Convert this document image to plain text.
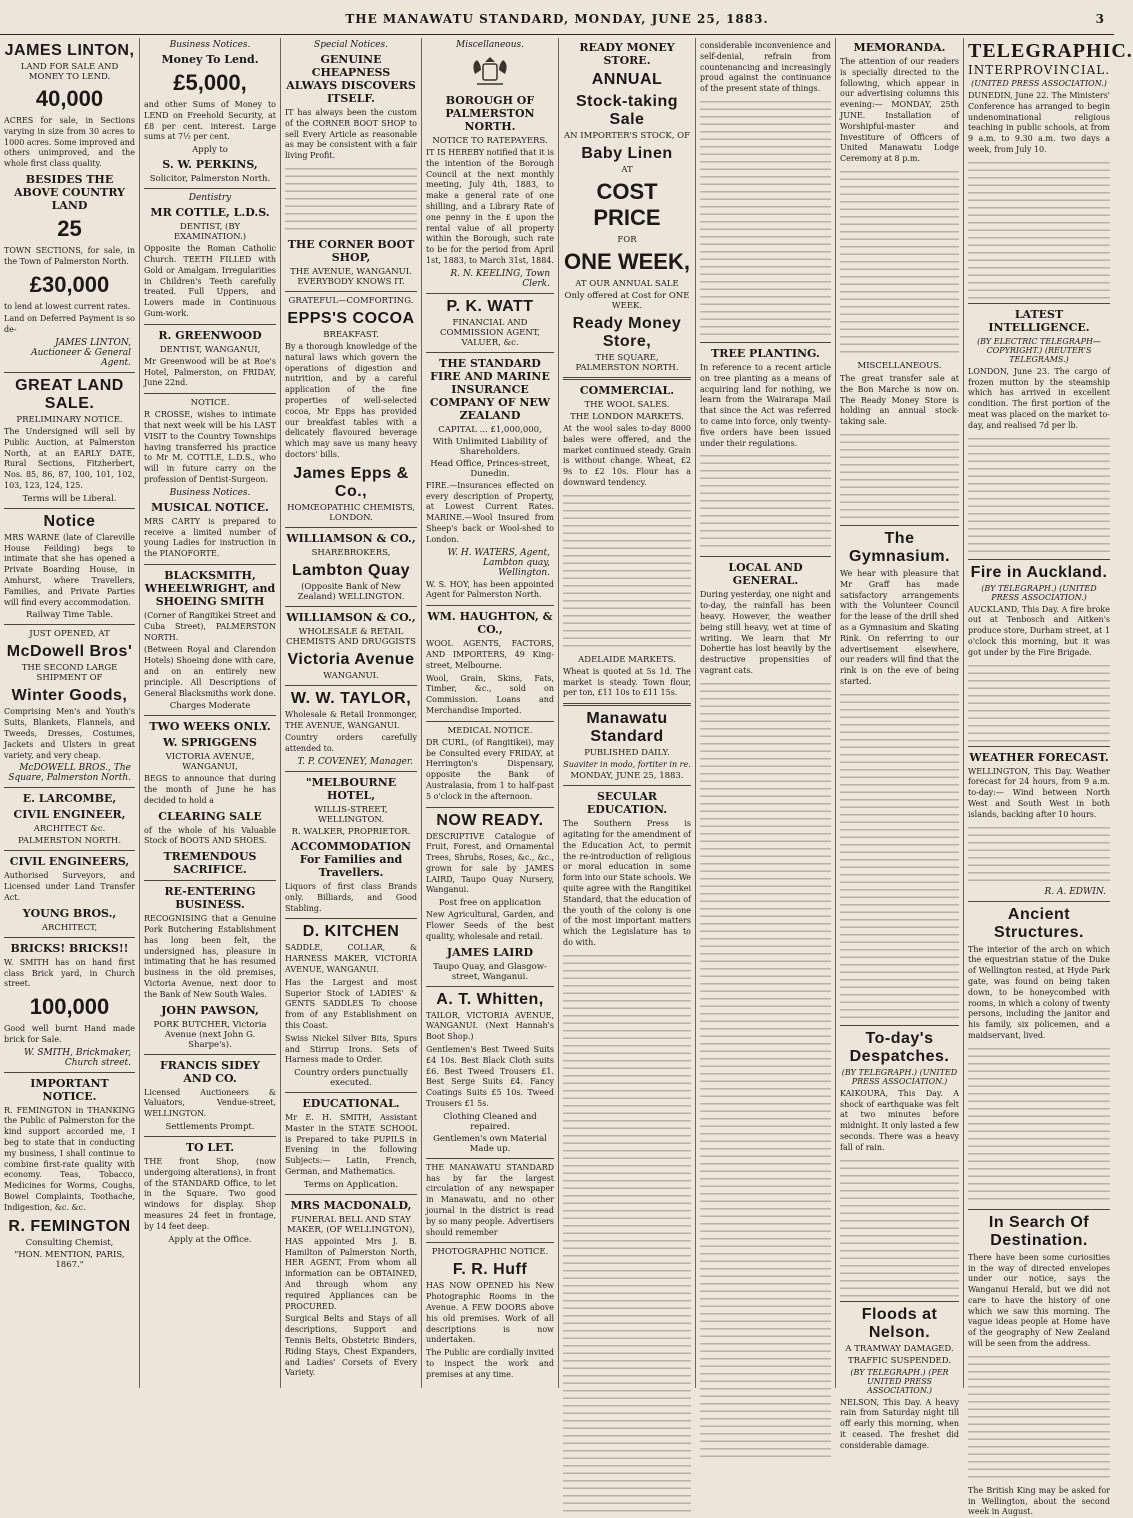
THE MANAWATU STANDARD, MONDAY, JUNE 25, 1883.	3
JAMES LINTON,
LAND FOR SALE AND MONEY TO LEND.
40,000
ACRES for sale, in Sections varying in size from 30 acres to 1000 acres. Some improved and others unimproved, and the whole first class quality.
BESIDES THE ABOVE COUNTRY LAND
25
TOWN SECTIONS, for sale, in the Town of Palmerston North.
£30,000
to lend at lowest current rates.
Land on Deferred Payment is so de-
JAMES LINTON, Auctioneer & General Agent.
GREAT LAND SALE.
PRELIMINARY NOTICE.
The Undersigned will sell by Public Auction, at Palmerston North, at an EARLY DATE, Rural Sections, Fitzherbert, Nos. 85, 86, 87, 100, 101, 102, 103, 123, 124, 125.
Terms will be Liberal.
Notice
MRS WARNE (late of Clareville House Feilding) begs to intimate that she has opened a Private Boarding House, in Amhurst, where Travellers, Families, and Private Parties will find every accommodation.
Railway Time Table.
JUST OPENED, AT
McDowell Bros'
THE SECOND LARGE SHIPMENT OF
Winter Goods,
Comprising Men's and Youth's Suits, Blankets, Flannels, and Tweeds, Dresses, Costumes, Jackets and Ulsters in great variety, and very cheap.
McDOWELL BROS., The Square, Palmerston North.
E. LARCOMBE,
CIVIL ENGINEER,
ARCHITECT &c.
PALMERSTON NORTH.
CIVIL ENGINEERS,
Authorised Surveyors, and Licensed under Land Transfer Act.
YOUNG BROS.,
ARCHITECT,
BRICKS! BRICKS!!
W. SMITH has on hand first class Brick yard, in Church street.
100,000
Good well burnt Hand made brick for Sale.
W. SMITH, Brickmaker, Church street.
IMPORTANT NOTICE.
R. FEMINGTON in THANKING the Public of Palmerston for the kind support accorded me, I beg to state that in conducting my business, I shall continue to combine first-rate quality with economy. Teas, Tobacco, Medicines for Worms, Coughs, Bowel Complaints, Toothache, Indigestion, &c. &c.
R. FEMINGTON
Consulting Chemist,
"HON. MENTION, PARIS, 1867."
Business Notices.
Money To Lend.
£5,000,
and other Sums of Money to LEND on Freehold Security, at £8 per cent. interest. Large sums at 7½ per cent.
Apply to
S. W. PERKINS,
Solicitor, Palmerston North.
Dentistry
MR COTTLE, L.D.S.
DENTIST, (BY EXAMINATION.)
Opposite the Roman Catholic Church. TEETH FILLED with Gold or Amalgam. Irregularities in Children's Teeth carefully treated. Full Uppers, and Lowers made in Continuous Gum-work.
R. GREENWOOD
DENTIST, WANGANUI,
Mr Greenwood will be at Roe's Hotel, Palmerston, on FRIDAY, June 22nd.
NOTICE.
R CROSSE, wishes to intimate that next week will be his LAST VISIT to the Country Townships having transferred his practice to Mr M. COTTLE, L.D.S., who will in future carry on the profession of Dentist-Surgeon.
Business Notices.
MUSICAL NOTICE.
MRS CARTY is prepared to receive a limited number of young Ladies for instruction in the PIANOFORTE.
BLACKSMITH, WHEELWRIGHT, and SHOEING SMITH
(Corner of Rangitikei Street and Cuba Street), PALMERSTON NORTH.
(Between Royal and Clarendon Hotels) Shoeing done with care, and on an entirely new principle. All Descriptions of General Blacksmiths work done.
Charges Moderate
TWO WEEKS ONLY.
W. SPRIGGENS
VICTORIA AVENUE, WANGANUI,
BEGS to announce that during the month of June he has decided to hold a
CLEARING SALE
of the whole of his Valuable Stock of BOOTS AND SHOES.
TREMENDOUS SACRIFICE.
RE-ENTERING BUSINESS.
RECOGNISING that a Genuine Pork Butchering Establishment has long been felt, the undersigned has, pleasure in intimating that he has resumed business in the old premises, Victoria Avenue, next door to the Bank of New South Wales.
JOHN PAWSON,
PORK BUTCHER, Victoria Avenue (next John G. Sharpe's).
FRANCIS SIDEY AND CO.
Licensed Auctioneers & Valuators, Vendue-street, WELLINGTON.
Settlements Prompt.
TO LET.
THE front Shop, (now undergoing alterations), in front of the STANDARD Office, to let in the Square. Two good windows for display. Shop measures 24 feet in frontage, by 14 feet deep.
Apply at the Office.
Special Notices.
GENUINE CHEAPNESS ALWAYS DISCOVERS ITSELF.
IT has always been the custom of the CORNER BOOT SHOP to sell Every Article as reasonable as may be consistent with a fair living Profit.
THE CORNER BOOT SHOP,
THE AVENUE, WANGANUI. EVERYBODY KNOWS IT.
GRATEFUL—COMFORTING.
EPPS'S COCOA
BREAKFAST.
By a thorough knowledge of the natural laws which govern the operations of digestion and nutrition, and by a careful application of the fine properties of well-selected cocoa, Mr Epps has provided our breakfast tables with a delicately flavoured beverage which may save us many heavy doctors' bills.
James Epps & Co.,
HOMŒOPATHIC CHEMISTS, LONDON.
WILLIAMSON & CO.,
SHAREBROKERS,
Lambton Quay
(Opposite Bank of New Zealand) WELLINGTON.
WILLIAMSON & CO.,
WHOLESALE & RETAIL CHEMISTS AND DRUGGISTS
Victoria Avenue
WANGANUI.
W. W. TAYLOR,
Wholesale & Retail Ironmonger, THE AVENUE, WANGANUI.
Country orders carefully attended to.
T. P. COVENEY, Manager.
"MELBOURNE HOTEL,
WILLIS-STREET, WELLINGTON.
R. WALKER, PROPRIETOR.
ACCOMMODATION For Families and Travellers.
Liquors of first class Brands only. Billiards, and Good Stabling.
D. KITCHEN
SADDLE, COLLAR, & HARNESS MAKER, VICTORIA AVENUE, WANGANUI.
Has the Largest and most Superior Stock of LADIES' & GENTS SADDLES To choose from of any Establishment on this Coast.
Swiss Nickel Silver Bits, Spurs and Stirrup Irons. Sets of Harness made to Order.
Country orders punctually executed.
EDUCATIONAL.
Mr E. H. SMITH, Assistant Master in the STATE SCHOOL is Prepared to take PUPILS in Evening in the following Subjects:— Latin, French, German, and Mathematics.
Terms on Application.
MRS MACDONALD,
FUNERAL BELL AND STAY MAKER, (OF WELLINGTON),
HAS appointed Mrs J. B. Hamilton of Palmerston North, HER AGENT, From whom all information can be OBTAINED, And through whom any required Appliances can be PROCURED.
Surgical Belts and Stays of all descriptions, Support and Tennis Belts, Obstetric Binders, Riding Stays, Chest Expanders, and Ladies' Corsets of Every Variety.
Miscellaneous.
BOROUGH OF PALMERSTON NORTH.
NOTICE TO RATEPAYERS.
IT IS HEREBY notified that it is the intention of the Borough Council at the next monthly meeting, July 4th, 1883, to make a general rate of one shilling, and a Library Rate of one penny in the £ upon the rental value of all property within the Borough, such rate to be for the period from April 1st, 1883, to March 31st, 1884.
R. N. KEELING, Town Clerk.
P. K. WATT
FINANCIAL AND COMMISSION AGENT, VALUER, &c.
THE STANDARD FIRE AND MARINE INSURANCE COMPANY OF NEW ZEALAND
CAPITAL ... £1,000,000,
With Unlimited Liability of Shareholders.
Head Office, Princes-street, Dunedin.
FIRE.—Insurances effected on every description of Property, at Lowest Current Rates. MARINE.—Wool Insured from Sheep's back or Wool-shed to London.
W. H. WATERS, Agent, Lambton quay, Wellington.
W. S. HOY, has been appointed Agent for Palmerston North.
WM. HAUGHTON, & CO.,
WOOL AGENTS, FACTORS, AND IMPORTERS, 49 King-street, Melbourne.
Wool, Grain, Skins, Fats, Timber, &c., sold on Commission. Loans and Merchandise Imported.
MEDICAL NOTICE.
DR CURL, (of Rangitikei), may be Consulted every FRIDAY, at Herrington's Dispensary, opposite the Bank of Australasia, from 1 to half-past 5 o'clock in the afternoon.
NOW READY.
DESCRIPTIVE Catalogue of Fruit, Forest, and Ornamental Trees, Shrubs, Roses, &c., &c., grown for sale by JAMES LAIRD, Taupo Quay Nursery, Wanganui.
Post free on application
New Agricultural, Garden, and Flower Seeds of the best quality, wholesale and retail.
JAMES LAIRD
Taupo Quay, and Glasgow-street, Wanganui.
A. T. Whitten,
TAILOR, VICTORIA AVENUE, WANGANUI. (Next Hannah's Boot Shop.)
Gentlemen's Best Tweed Suits £4 10s. Best Black Cloth suits £6. Best Tweed Trousers £1. Best Serge Suits £4. Fancy Coatings Suits £5 10s. Tweed Trousers £1 5s.
Clothing Cleaned and repaired.
Gentlemen's own Material Made up.
THE MANAWATU STANDARD has by far the largest circulation of any newspaper in Manawatu, and no other journal in the district is read by so many people. Advertisers should remember
PHOTOGRAPHIC NOTICE.
F. R. Huff
HAS NOW OPENED his New Photographic Rooms in the Avenue. A FEW DOORS above his old premises. Work of all descriptions is now undertaken.
The Public are cordially invited to inspect the work and premises at any time.
READY MONEY STORE.
ANNUAL
Stock-taking Sale
AN IMPORTER'S STOCK, OF
Baby Linen
AT
COST PRICE
FOR
ONE WEEK,
AT OUR ANNUAL SALE
Only offered at Cost for ONE WEEK.
Ready Money Store,
THE SQUARE, PALMERSTON NORTH.
COMMERCIAL.
THE WOOL SALES.
THE LONDON MARKETS.
At the wool sales to-day 8000 bales were offered, and the market continued steady. Grain is without change. Wheat, £2 9s to £2 10s. Flour has a downward tendency.
ADELAIDE MARKETS.
Wheat is quoted at 5s 1d. The market is steady. Town flour, per ton, £11 10s to £11 15s.
Manawatu Standard
PUBLISHED DAILY.
Suaviter in modo, fortiter in re.
MONDAY, JUNE 25, 1883.
SECULAR EDUCATION.
The Southern Press is agitating for the amendment of the Education Act, to permit the re-introduction of religious or moral education in some form into our State schools. We quite agree with the Rangitikei Standard, that the education of the youth of the colony is one of the most important matters which the Legislature has to do with.
considerable inconvenience and self-denial, refrain from countenancing and increasingly proud against the continuance of the present state of things.
TREE PLANTING.
In reference to a recent article on tree planting as a means of acquiring land for nothing, we learn from the Wairarapa Mail that since the Act was referred to came into force, only twenty-five orders have been issued under their regulations.
LOCAL AND GENERAL.
During yesterday, one night and to-day, the rainfall has been heavy. However, the weather being still heavy, wet at time of writing. We learn that Mr Dohertie has lost heavily by the destructive propensities of vagrant cats.
MEMORANDA.
The attention of our readers is specially directed to the following, which appear in our advertising columns this evening:— MONDAY, 25th JUNE. Installation of Worshipful-master and Investiture of Officers of United Manawatu Lodge Ceremony at 8 p.m.
MISCELLANEOUS.
The great transfer sale at the Bon Marche is now on. The Ready Money Store is holding an annual stock-taking sale.
The Gymnasium.
We hear with pleasure that Mr Graff has made satisfactory arrangements with the Volunteer Council for the lease of the drill shed as a Gymnasium and Skating Rink. On referring to our advertisement elsewhere, our readers will find that the rink is on the eve of being started.
To-day's Despatches.
(BY TELEGRAPH.) (UNITED PRESS ASSOCIATION.)
KAIKOURA, This Day. A shock of earthquake was felt at two minutes before midnight. It only lasted a few seconds. There was a heavy fall of rain.
Floods at Nelson.
A TRAMWAY DAMAGED.
TRAFFIC SUSPENDED.
(BY TELEGRAPH.) (PER UNITED PRESS ASSOCIATION.)
NELSON, This Day. A heavy rain from Saturday night till off early this morning, when it ceased. The freshet did considerable damage.
TELEGRAPHIC.
INTERPROVINCIAL.
(UNITED PRESS ASSOCIATION.)
DUNEDIN, June 22. The Ministers' Conference has arranged to begin undenominational religious teaching in public schools, at from 9 a.m. to 9.30 a.m. two days a week, from July 10.
LATEST INTELLIGENCE.
(BY ELECTRIC TELEGRAPH—COPYRIGHT.) (REUTER'S TELEGRAMS.)
LONDON, June 23. The cargo of frozen mutton by the steamship which has arrived in excellent condition. The first portion of the meat was placed on the market to-day, and realised 7d per lb.
Fire in Auckland.
(BY TELEGRAPH.) (UNITED PRESS ASSOCIATION.)
AUCKLAND, This Day. A fire broke out at Tenbosch and Aitken's produce store, Durham street, at 1 o'clock this morning, but it was got under by the Fire Brigade.
WEATHER FORECAST.
WELLINGTON, This Day. Weather forecast for 24 hours, from 9 a.m. to-day:— Wind between North West and South West in both islands, backing after 10 hours.
R. A. EDWIN.
Ancient Structures.
The interior of the arch on which the equestrian statue of the Duke of Wellington rested, at Hyde Park gate, was found on being taken down, to be honeycombed with rooms, in which a colony of twenty persons, including the janitor and his family, six policemen, and a maidservant, lived.
In Search Of Destination.
There have been some curiosities in the way of directed envelopes under our notice, says the Wanganui Herald, but we did not care to have the history of one which we saw this morning. The vague ideas people at Home have of the geography of New Zealand will be seen from the address.
The British King may be asked for in Wellington, about the second week in August.
